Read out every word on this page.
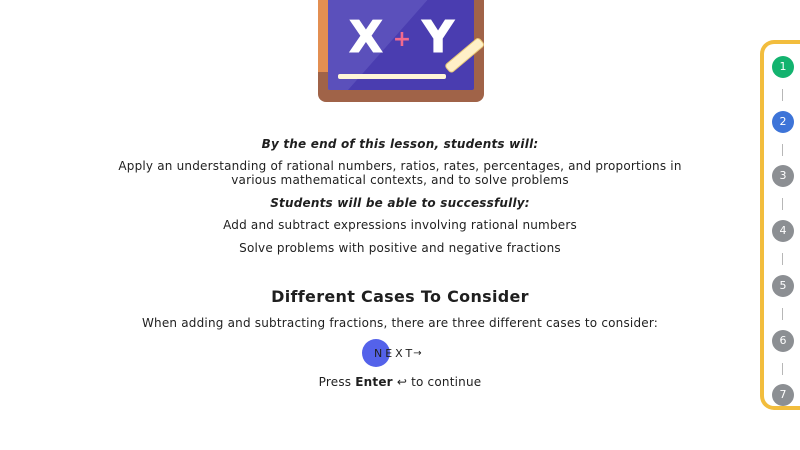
X + Y
By the end of this lesson, students will:
Apply an understanding of rational numbers, ratios, rates, percentages, and proportions in various mathematical contexts, and to solve problems
Students will be able to successfully:
Add and subtract expressions involving rational numbers
Solve problems with positive and negative fractions
Different Cases To Consider
When adding and subtracting fractions, there are three different cases to consider:
Press Enter ↩ to continue
NEXT
→
1
2
3
4
5
6
7
